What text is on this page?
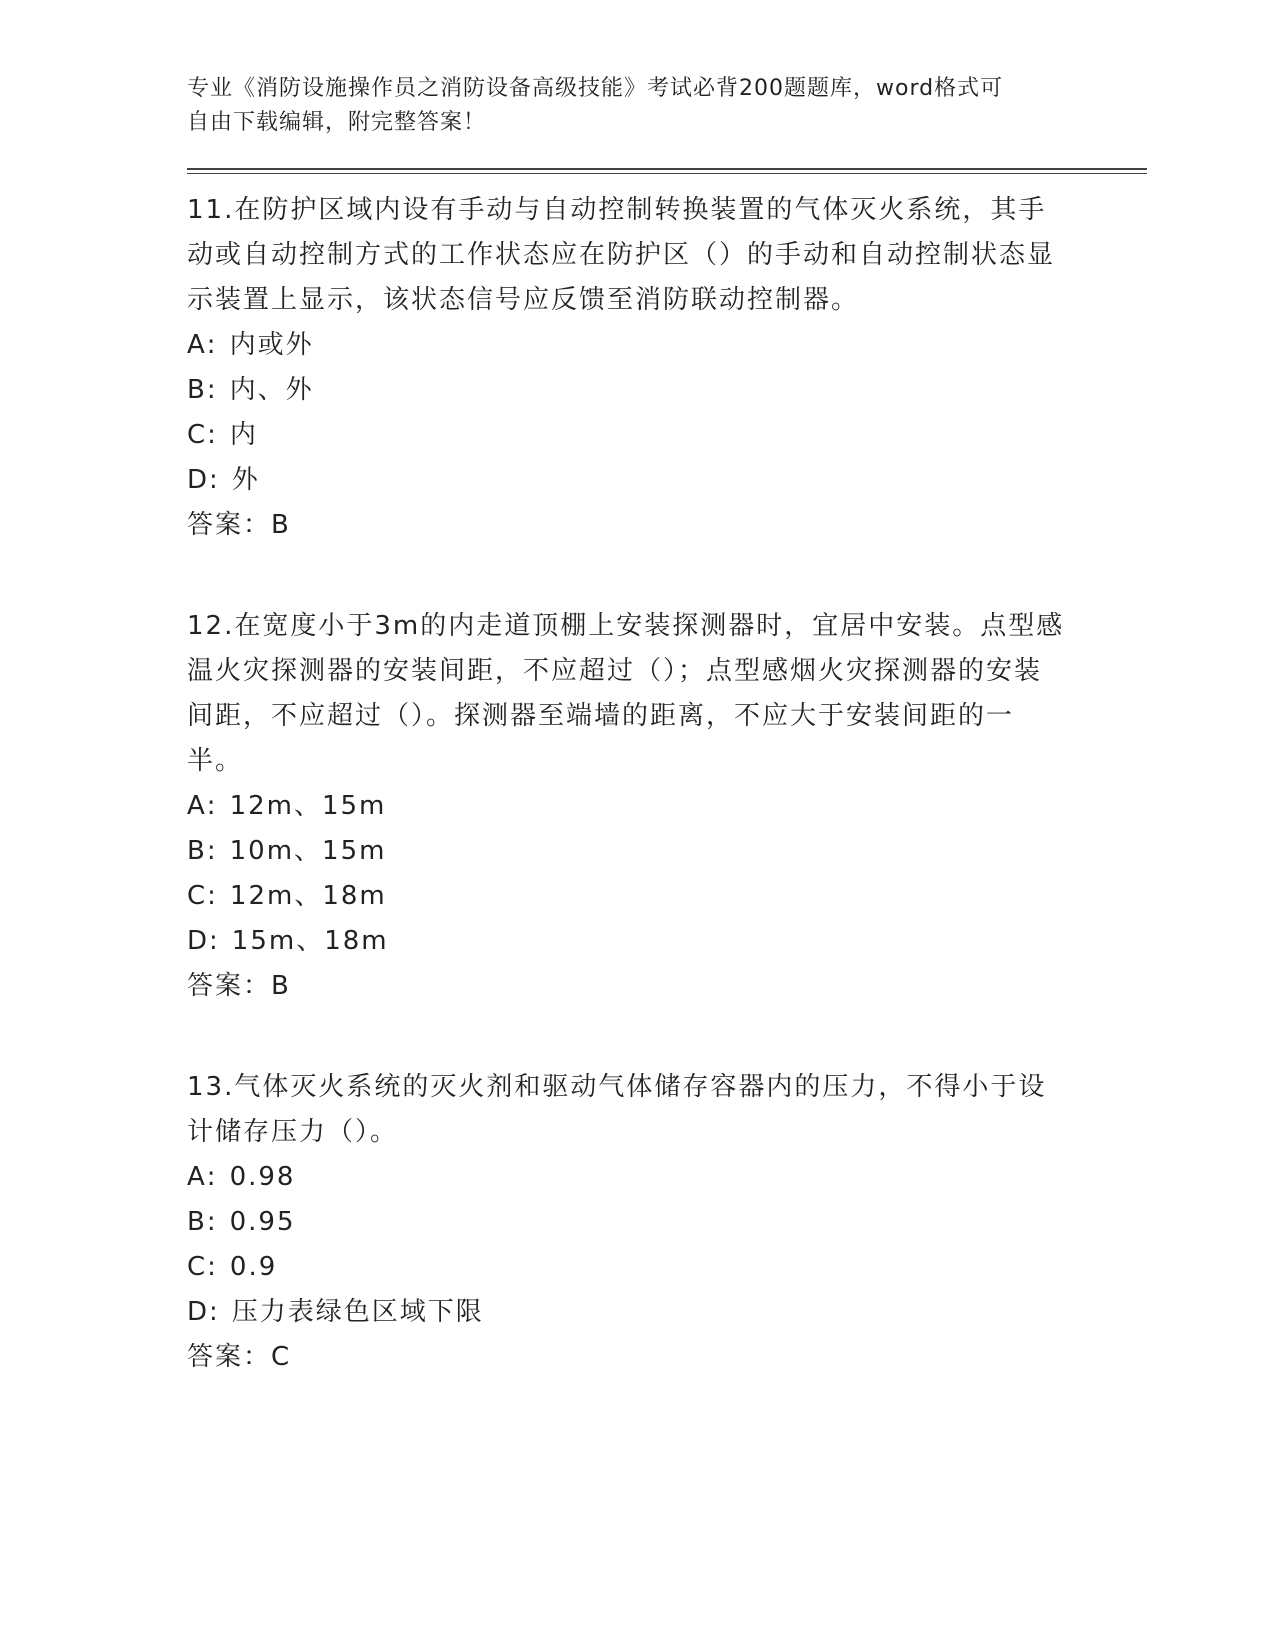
专业《消防设施操作员之消防设备高级技能》考试必背200题题库，word格式可
自由下载编辑，附完整答案！
11.在防护区域内设有手动与自动控制转换装置的气体灭火系统，其手动或自动控制方式的工作状态应在防护区（）的手动和自动控制状态显示装置上显示，该状态信号应反馈至消防联动控制器。
A: 内或外
B: 内、外
C: 内
D: 外
答案：B
12.在宽度小于3m的内走道顶棚上安装探测器时，宜居中安装。点型感温火灾探测器的安装间距，不应超过（）；点型感烟火灾探测器的安装间距，不应超过（）。探测器至端墙的距离，不应大于安装间距的一半。
A: 12m、15m
B: 10m、15m
C: 12m、18m
D: 15m、18m
答案：B
13.气体灭火系统的灭火剂和驱动气体储存容器内的压力，不得小于设计储存压力（）。
A: 0.98
B: 0.95
C: 0.9
D: 压力表绿色区域下限
答案：C
